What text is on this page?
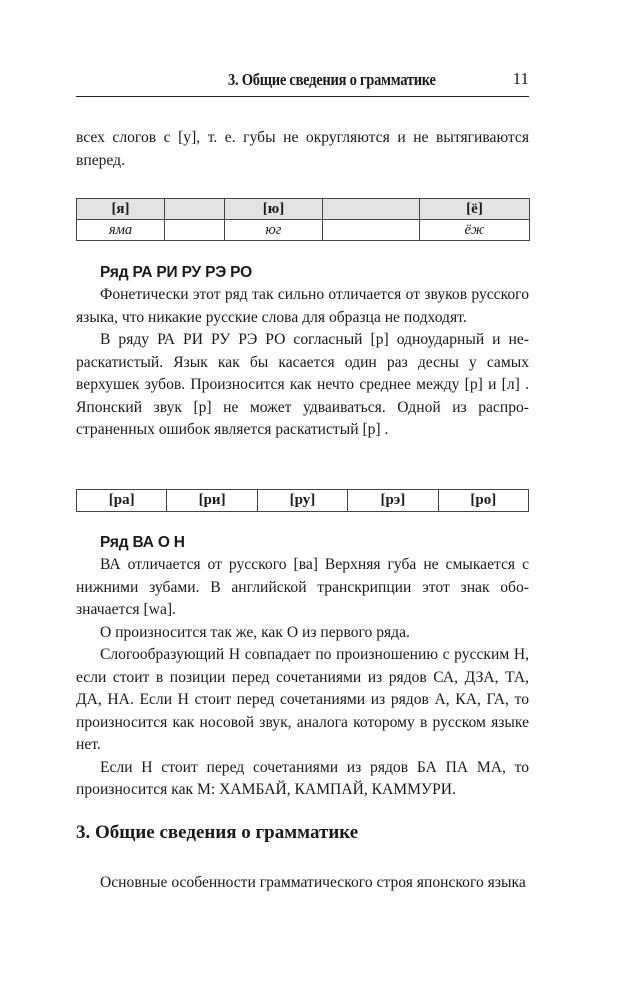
3. Общие сведения о грамматике	11

всех слогов с [у], т. е. губы не округляются и не вытягиваются

вперед.

[я]		[ю]		[ё]
яма		юг		ёж
Ряд РА РИ РУ РЭ РО

Фонетически этот ряд так сильно отличается от звуков русского языка, что никакие русские слова для образца не подходят.

В ряду РА РИ РУ РЭ РО согласный [р] одноударный и нераскатистый. Язык как бы касается один раз десны у самых верхушек зубов. Произносится как нечто среднее между [р] и [л] . Японский звук [р] не может удваиваться. Одной из распространенных ошибок является раскатистый [р] .

[ра]	[ри]	[ру]	[рэ]	[ро]
Ряд ВА О Н

ВА отличается от русского [ва] Верхняя губа не смыкается с нижними зубами. В английской транскрипции этот знак обозначается [wa].

О произносится так же, как О из первого ряда.

Слогообразующий Н совпадает по произношению с русским Н, если стоит в позиции перед сочетаниями из рядов СА, ДЗА, ТА, ДА, НА. Если Н стоит перед сочетаниями из рядов А, КА, ГА, то произносится как носовой звук, аналога которому в русском языке нет.

Если Н стоит перед сочетаниями из рядов БА ПА МА, то произносится как М: ХАМБАЙ, КАМПАЙ, КАММУРИ.

3. Общие сведения о грамматике

Основные особенности грамматического строя японского языка
